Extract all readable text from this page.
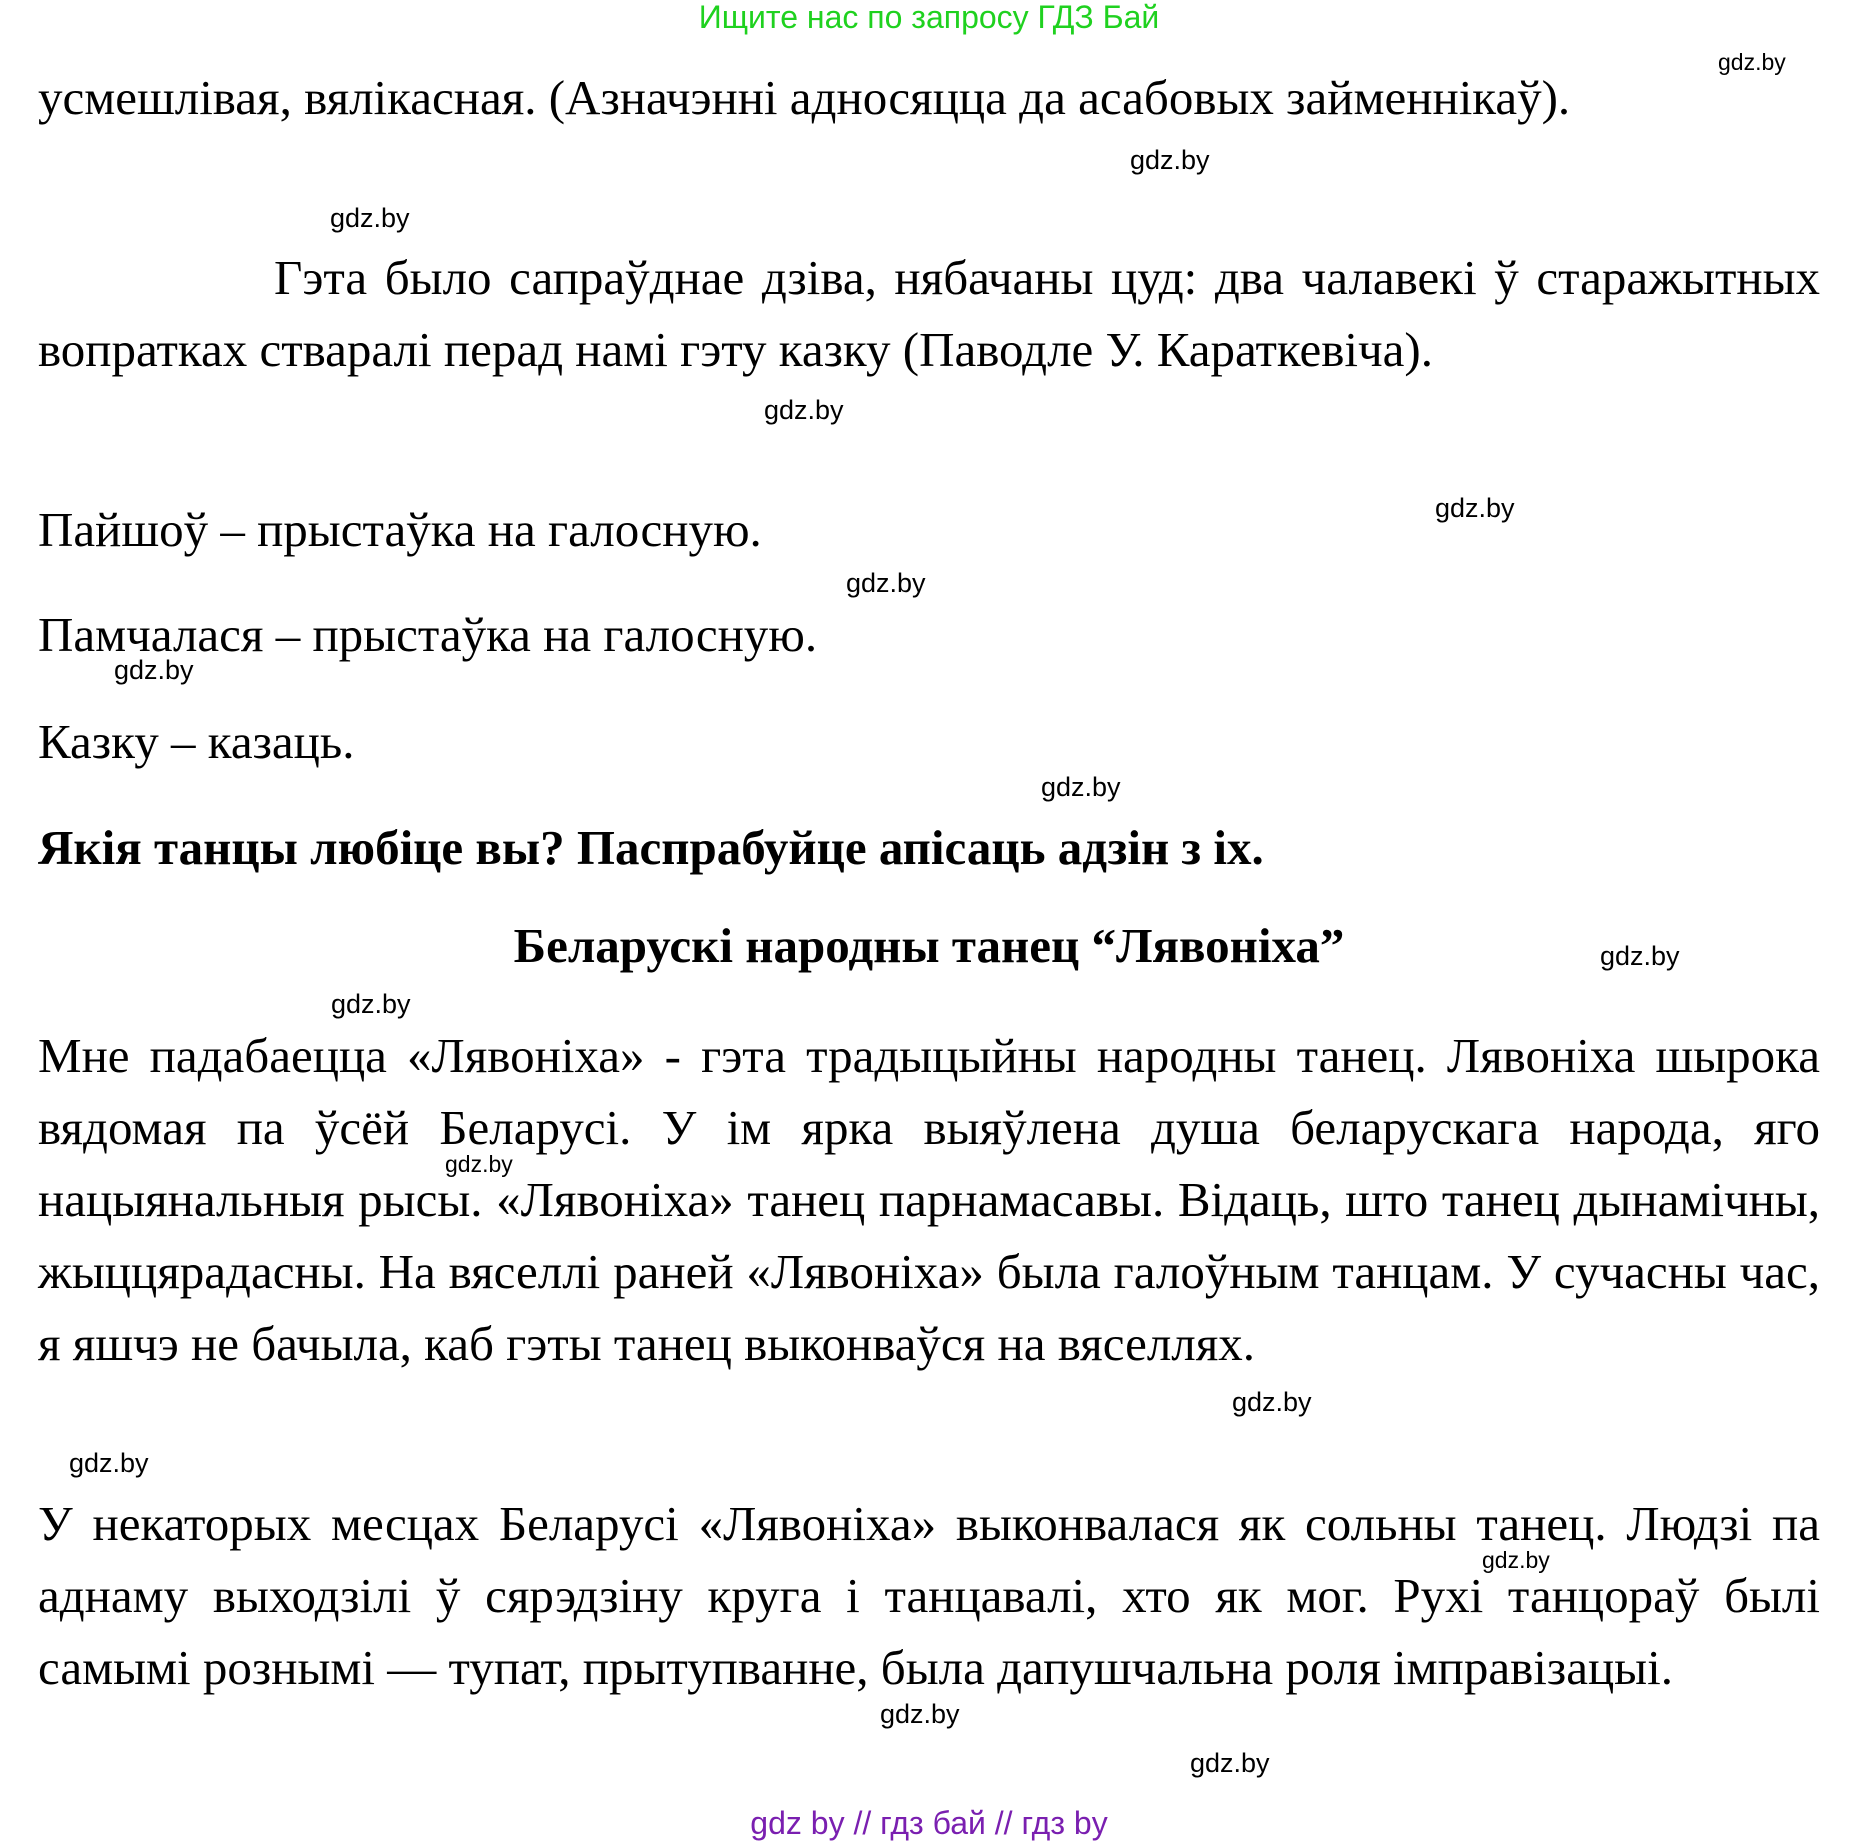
Ищите нас по запросу ГДЗ Бай

усмешлівая, вялікасная. (Азначэнні адносяцца да асабовых займеннікаў).

Гэта было сапраўднае дзіва, нябачаны цуд: два чалавекі ў старажытных вопратках стваралі перад намі гэту казку (Паводле У. Караткевіча).

Пайшоў – прыстаўка на галосную.

Памчалася – прыстаўка на галосную.

Казку – казаць.

Якія танцы любіце вы? Паспрабуйце апісаць адзін з іх.

Беларускі народны танец “Лявоніха”

Мне падабаецца «Лявоніха» - гэта традыцыйны народны танец. Лявоніха шырока вядомая па ўсёй Беларусі. У ім ярка выяўлена душа беларускага народа, яго нацыянальныя рысы. «Лявоніха» танец парнамасавы. Відаць, што танец дынамічны, жыццярадасны. На вяселлі раней «Лявоніха» была галоўным танцам. У сучасны час, я яшчэ не бачыла, каб гэты танец выконваўся на вяселлях.

У некаторых месцах Беларусі «Лявоніха» выконвалася як сольны танец. Людзі па аднаму выходзілі ў сярэдзіну круга і танцавалі, хто як мог. Рухі танцораў былі самымі рознымі — тупат, прытупванне, была дапушчальна роля імправізацыі.

gdz.by
gdz.by
gdz.by
gdz.by
gdz.by
gdz.by
gdz.by
gdz.by
gdz.by
gdz.by
gdz.by
gdz.by
gdz.by
gdz.by
gdz.by
gdz.by
gdz by // гдз бай // гдз by
